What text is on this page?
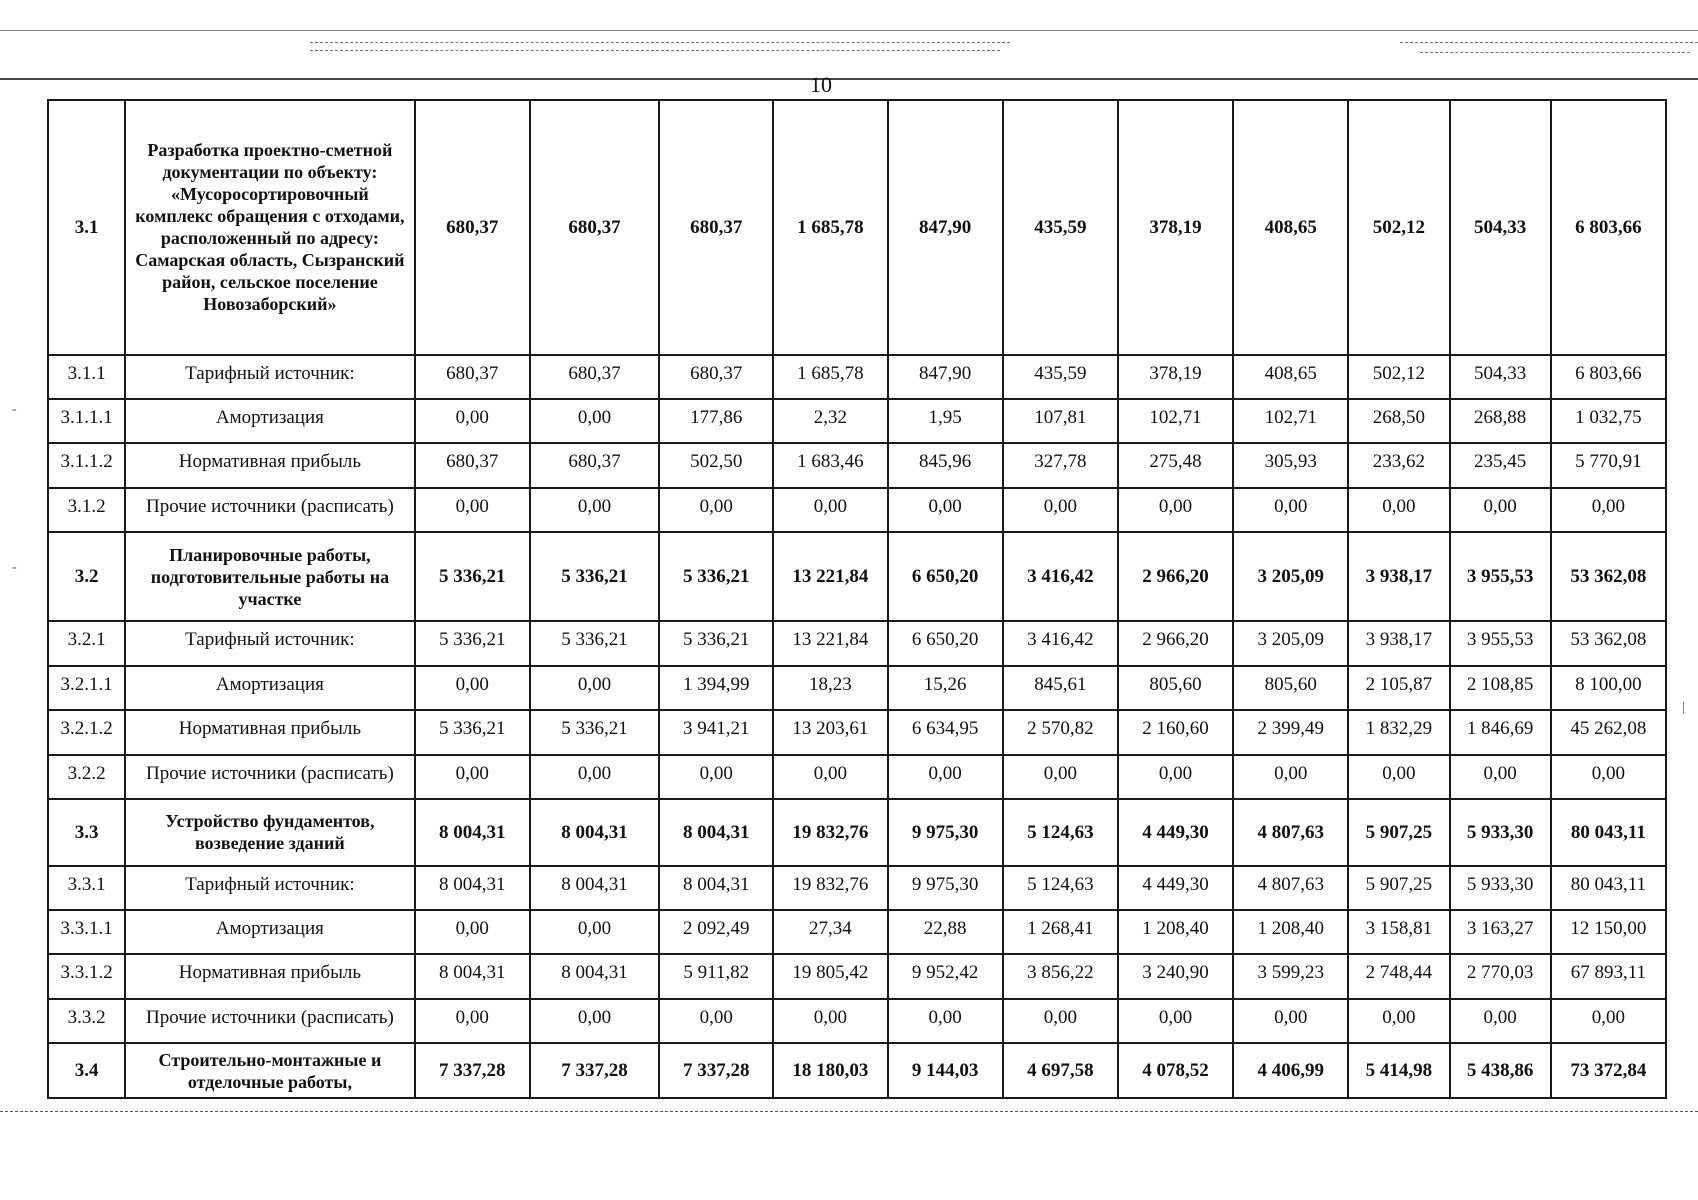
10
3.1	Разработка проектно-сметной документации по объекту: «Мусоросортировочный комплекс обращения с отходами, расположенный по адресу: Самарская область, Сызранский район, сельское поселение Новозаборский»	680,37	680,37	680,37	1 685,78	847,90	435,59	378,19	408,65	502,12	504,33	6 803,66
3.1.1	Тарифный источник:	680,37	680,37	680,37	1 685,78	847,90	435,59	378,19	408,65	502,12	504,33	6 803,66
3.1.1.1	Амортизация	0,00	0,00	177,86	2,32	1,95	107,81	102,71	102,71	268,50	268,88	1 032,75
3.1.1.2	Нормативная прибыль	680,37	680,37	502,50	1 683,46	845,96	327,78	275,48	305,93	233,62	235,45	5 770,91
3.1.2	Прочие источники (расписать)	0,00	0,00	0,00	0,00	0,00	0,00	0,00	0,00	0,00	0,00	0,00
3.2	Планировочные работы, подготовительные работы на участке	5 336,21	5 336,21	5 336,21	13 221,84	6 650,20	3 416,42	2 966,20	3 205,09	3 938,17	3 955,53	53 362,08
3.2.1	Тарифный источник:	5 336,21	5 336,21	5 336,21	13 221,84	6 650,20	3 416,42	2 966,20	3 205,09	3 938,17	3 955,53	53 362,08
3.2.1.1	Амортизация	0,00	0,00	1 394,99	18,23	15,26	845,61	805,60	805,60	2 105,87	2 108,85	8 100,00
3.2.1.2	Нормативная прибыль	5 336,21	5 336,21	3 941,21	13 203,61	6 634,95	2 570,82	2 160,60	2 399,49	1 832,29	1 846,69	45 262,08
3.2.2	Прочие источники (расписать)	0,00	0,00	0,00	0,00	0,00	0,00	0,00	0,00	0,00	0,00	0,00
3.3	Устройство фундаментов, возведение зданий	8 004,31	8 004,31	8 004,31	19 832,76	9 975,30	5 124,63	4 449,30	4 807,63	5 907,25	5 933,30	80 043,11
3.3.1	Тарифный источник:	8 004,31	8 004,31	8 004,31	19 832,76	9 975,30	5 124,63	4 449,30	4 807,63	5 907,25	5 933,30	80 043,11
3.3.1.1	Амортизация	0,00	0,00	2 092,49	27,34	22,88	1 268,41	1 208,40	1 208,40	3 158,81	3 163,27	12 150,00
3.3.1.2	Нормативная прибыль	8 004,31	8 004,31	5 911,82	19 805,42	9 952,42	3 856,22	3 240,90	3 599,23	2 748,44	2 770,03	67 893,11
3.3.2	Прочие источники (расписать)	0,00	0,00	0,00	0,00	0,00	0,00	0,00	0,00	0,00	0,00	0,00
3.4	Строительно-монтажные и отделочные работы,	7 337,28	7 337,28	7 337,28	18 180,03	9 144,03	4 697,58	4 078,52	4 406,99	5 414,98	5 438,86	73 372,84
-
-
|
